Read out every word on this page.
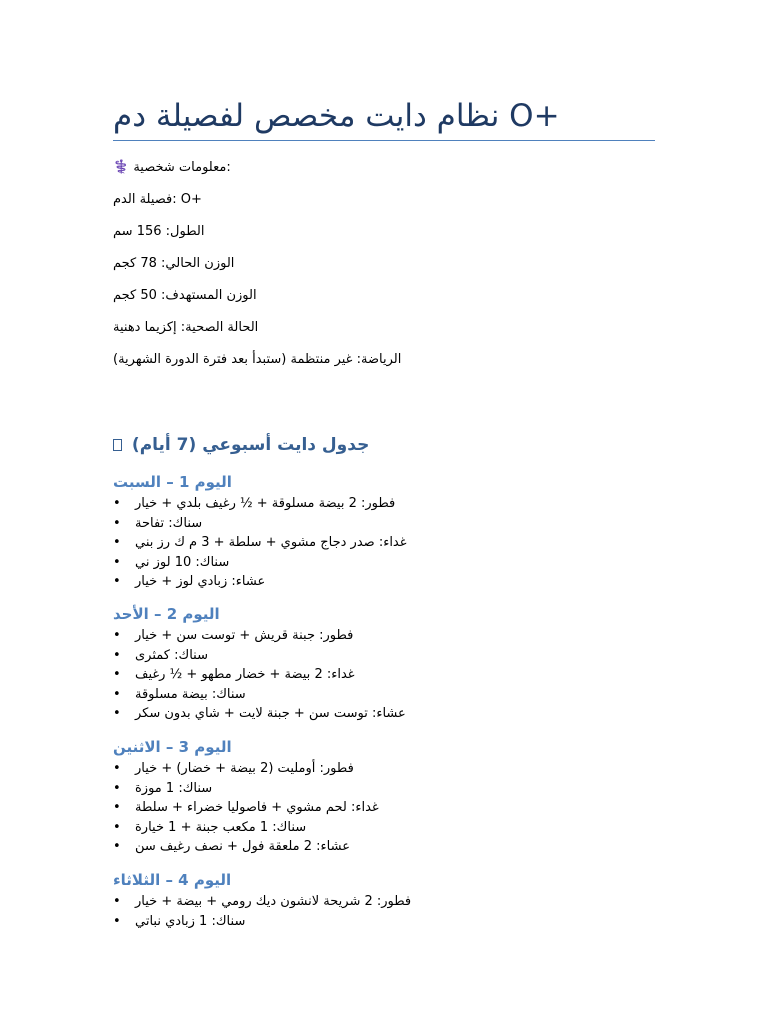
نظام دايت مخصص لفصيلة دم O+
⚕️ معلومات شخصية:
فصيلة الدم: O+
الطول: 156 سم
الوزن الحالي: 78 كجم
الوزن المستهدف: 50 كجم
الحالة الصحية: إكزيما دهنية
الرياضة: غير منتظمة (ستبدأ بعد فترة الدورة الشهرية)
جدول دايت أسبوعي (7 أيام)
اليوم 1 – السبت
• فطور: 2 بيضة مسلوقة + ½ رغيف بلدي + خيار
• سناك: تفاحة
• غداء: صدر دجاج مشوي + سلطة + 3 م ك رز بني
• سناك: 10 لوز ني
• عشاء: زبادي لوز + خيار
اليوم 2 – الأحد
• فطور: جبنة قريش + توست سن + خيار
• سناك: كمثرى
• غداء: 2 بيضة + خضار مطهو + ½ رغيف
• سناك: بيضة مسلوقة
• عشاء: توست سن + جبنة لايت + شاي بدون سكر
اليوم 3 – الاثنين
• فطور: أومليت (2 بيضة + خضار) + خيار
• سناك: 1 موزة
• غداء: لحم مشوي + فاصوليا خضراء + سلطة
• سناك: 1 مكعب جبنة + 1 خيارة
• عشاء: 2 ملعقة فول + نصف رغيف سن
اليوم 4 – الثلاثاء
• فطور: 2 شريحة لانشون ديك رومي + بيضة + خيار
• سناك: 1 زبادي نباتي
